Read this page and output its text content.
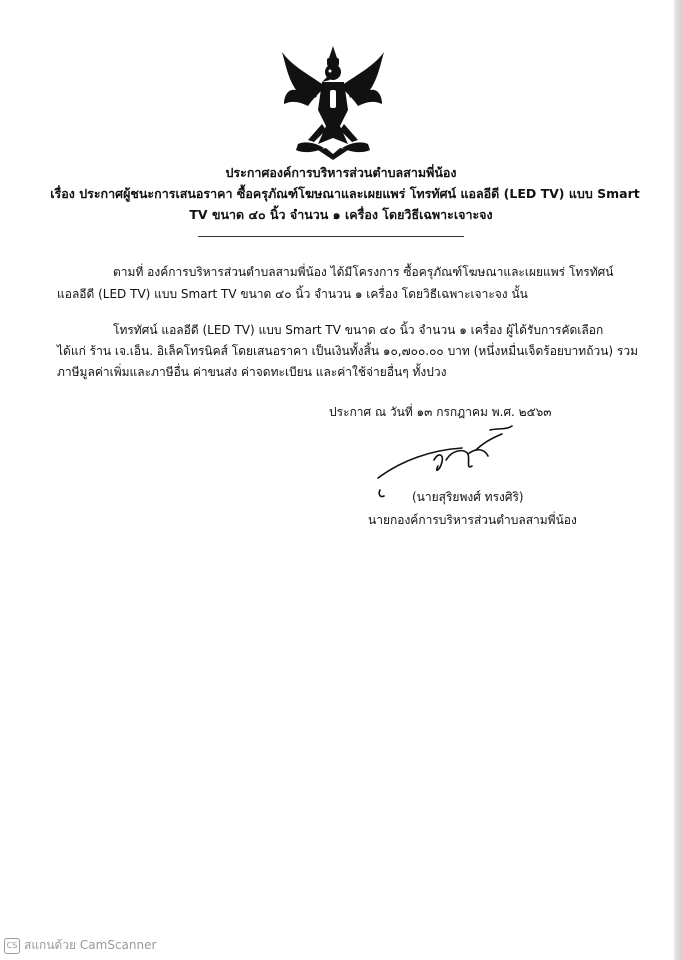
ประกาศองค์การบริหารส่วนตำบลสามพี่น้อง
เรื่อง ประกาศผู้ชนะการเสนอราคา ซื้อครุภัณฑ์โฆษณาและเผยแพร่ โทรทัศน์ แอลอีดี (LED TV) แบบ Smart
TV ขนาด ๔๐ นิ้ว จำนวน ๑ เครื่อง โดยวิธีเฉพาะเจาะจง
ตามที่ องค์การบริหารส่วนตำบลสามพี่น้อง ได้มีโครงการ ซื้อครุภัณฑ์โฆษณาและเผยแพร่ โทรทัศน์
แอลอีดี (LED TV) แบบ Smart TV ขนาด ๔๐ นิ้ว จำนวน ๑ เครื่อง โดยวิธีเฉพาะเจาะจง นั้น
โทรทัศน์ แอลอีดี (LED TV) แบบ Smart TV ขนาด ๔๐ นิ้ว จำนวน ๑ เครื่อง ผู้ได้รับการคัดเลือก
ได้แก่ ร้าน เจ.เอ็น. อิเล็คโทรนิคส์ โดยเสนอราคา เป็นเงินทั้งสิ้น ๑๐,๗๐๐.๐๐ บาท (หนึ่งหมื่นเจ็ดร้อยบาทถ้วน) รวม
ภาษีมูลค่าเพิ่มและภาษีอื่น ค่าขนส่ง ค่าจดทะเบียน และค่าใช้จ่ายอื่นๆ ทั้งปวง
ประกาศ ณ วันที่ ๑๓ กรกฎาคม พ.ศ. ๒๕๖๓
(นายสุริยพงศ์ ทรงศิริ)
นายกองค์การบริหารส่วนตำบลสามพี่น้อง
CS สแกนด้วย CamScanner
